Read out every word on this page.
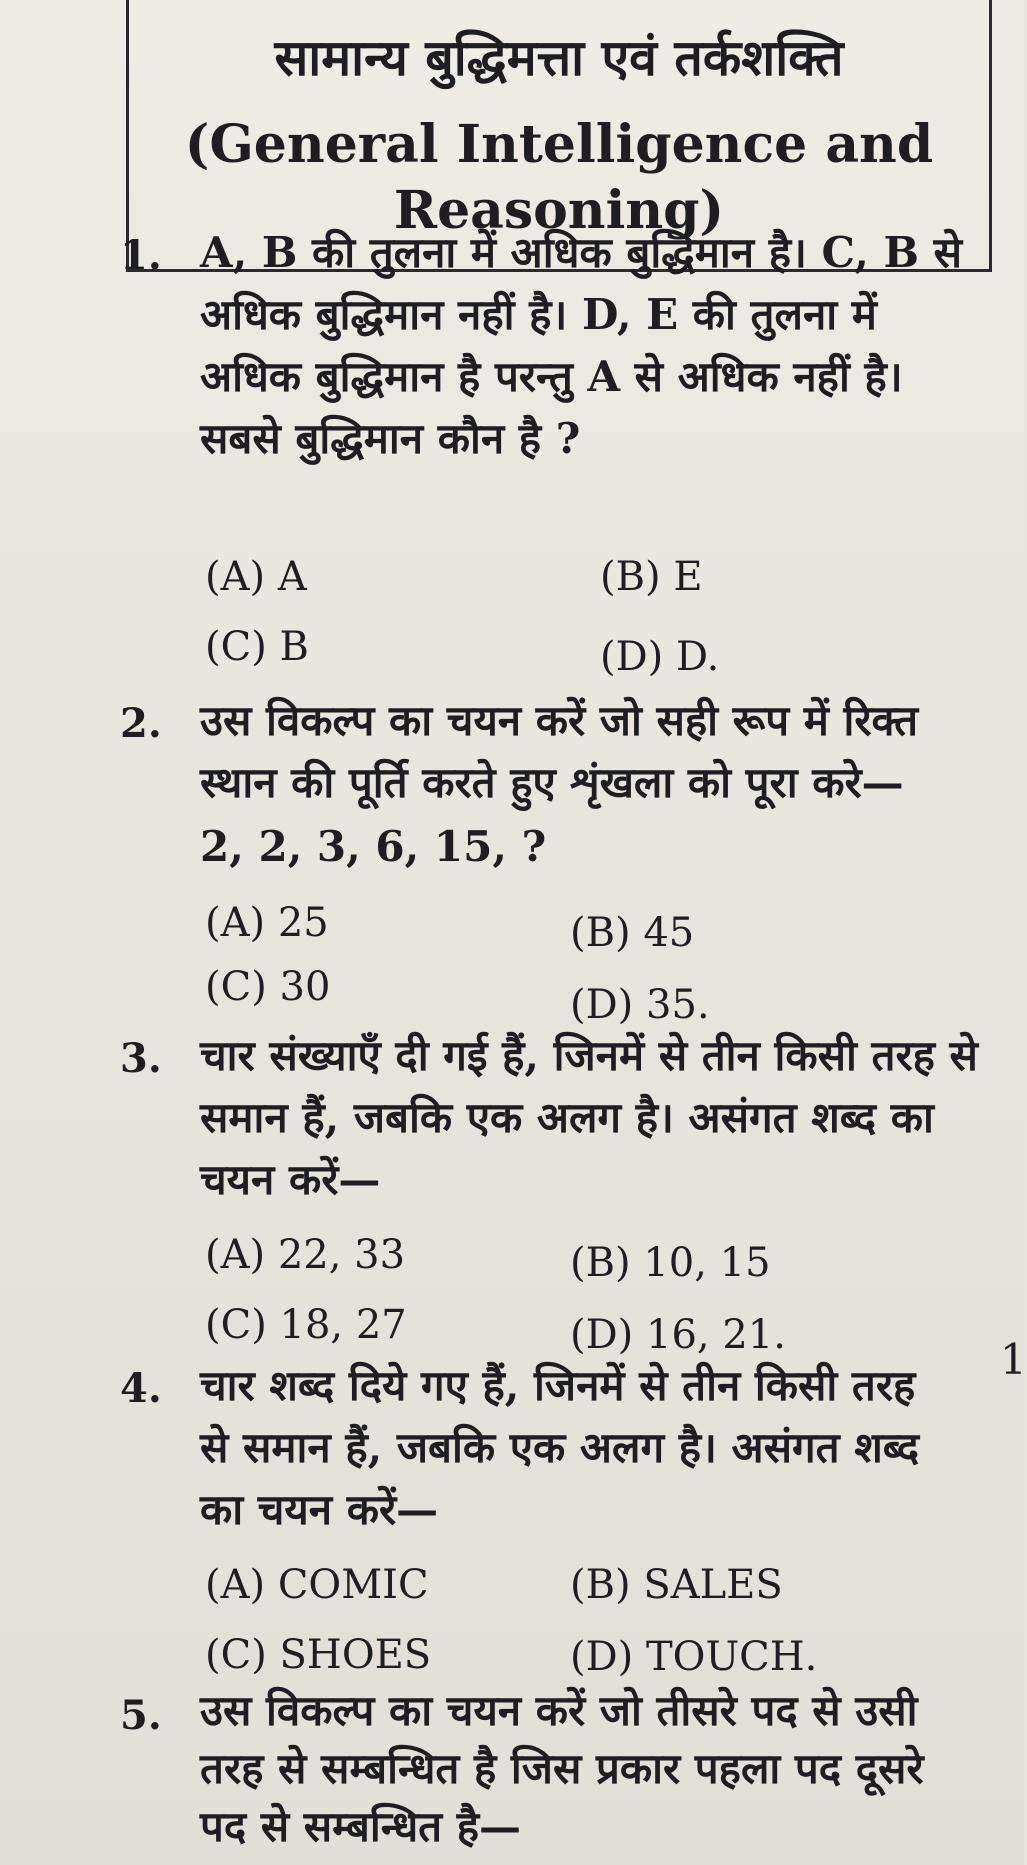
सामान्य बुद्धिमत्ता एवं तर्कशक्ति
(General Intelligence and
Reasoning)
1. A, B की तुलना में अधिक बुद्धिमान है। C, B से अधिक बुद्धिमान नहीं है। D, E की तुलना में अधिक बुद्धिमान है परन्तु A से अधिक नहीं है। सबसे बुद्धिमान कौन है ?
(A) A	(B) E
(C) B	(D) D.
2. उस विकल्प का चयन करें जो सही रूप में रिक्त स्थान की पूर्ति करते हुए शृंखला को पूरा करे—
2, 2, 3, 6, 15, ?
(A) 25	(B) 45
(C) 30	(D) 35.
3. चार संख्याएँ दी गई हैं, जिनमें से तीन किसी तरह से समान हैं, जबकि एक अलग है। असंगत शब्द का चयन करें—
(A) 22, 33	(B) 10, 15
(C) 18, 27	(D) 16, 21.
4. चार शब्द दिये गए हैं, जिनमें से तीन किसी तरह से समान हैं, जबकि एक अलग है। असंगत शब्द का चयन करें—
(A) COMIC	(B) SALES
(C) SHOES	(D) TOUCH.
5. उस विकल्प का चयन करें जो तीसरे पद से उसी तरह से सम्बन्धित है जिस प्रकार पहला पद दूसरे पद से सम्बन्धित है—
1
